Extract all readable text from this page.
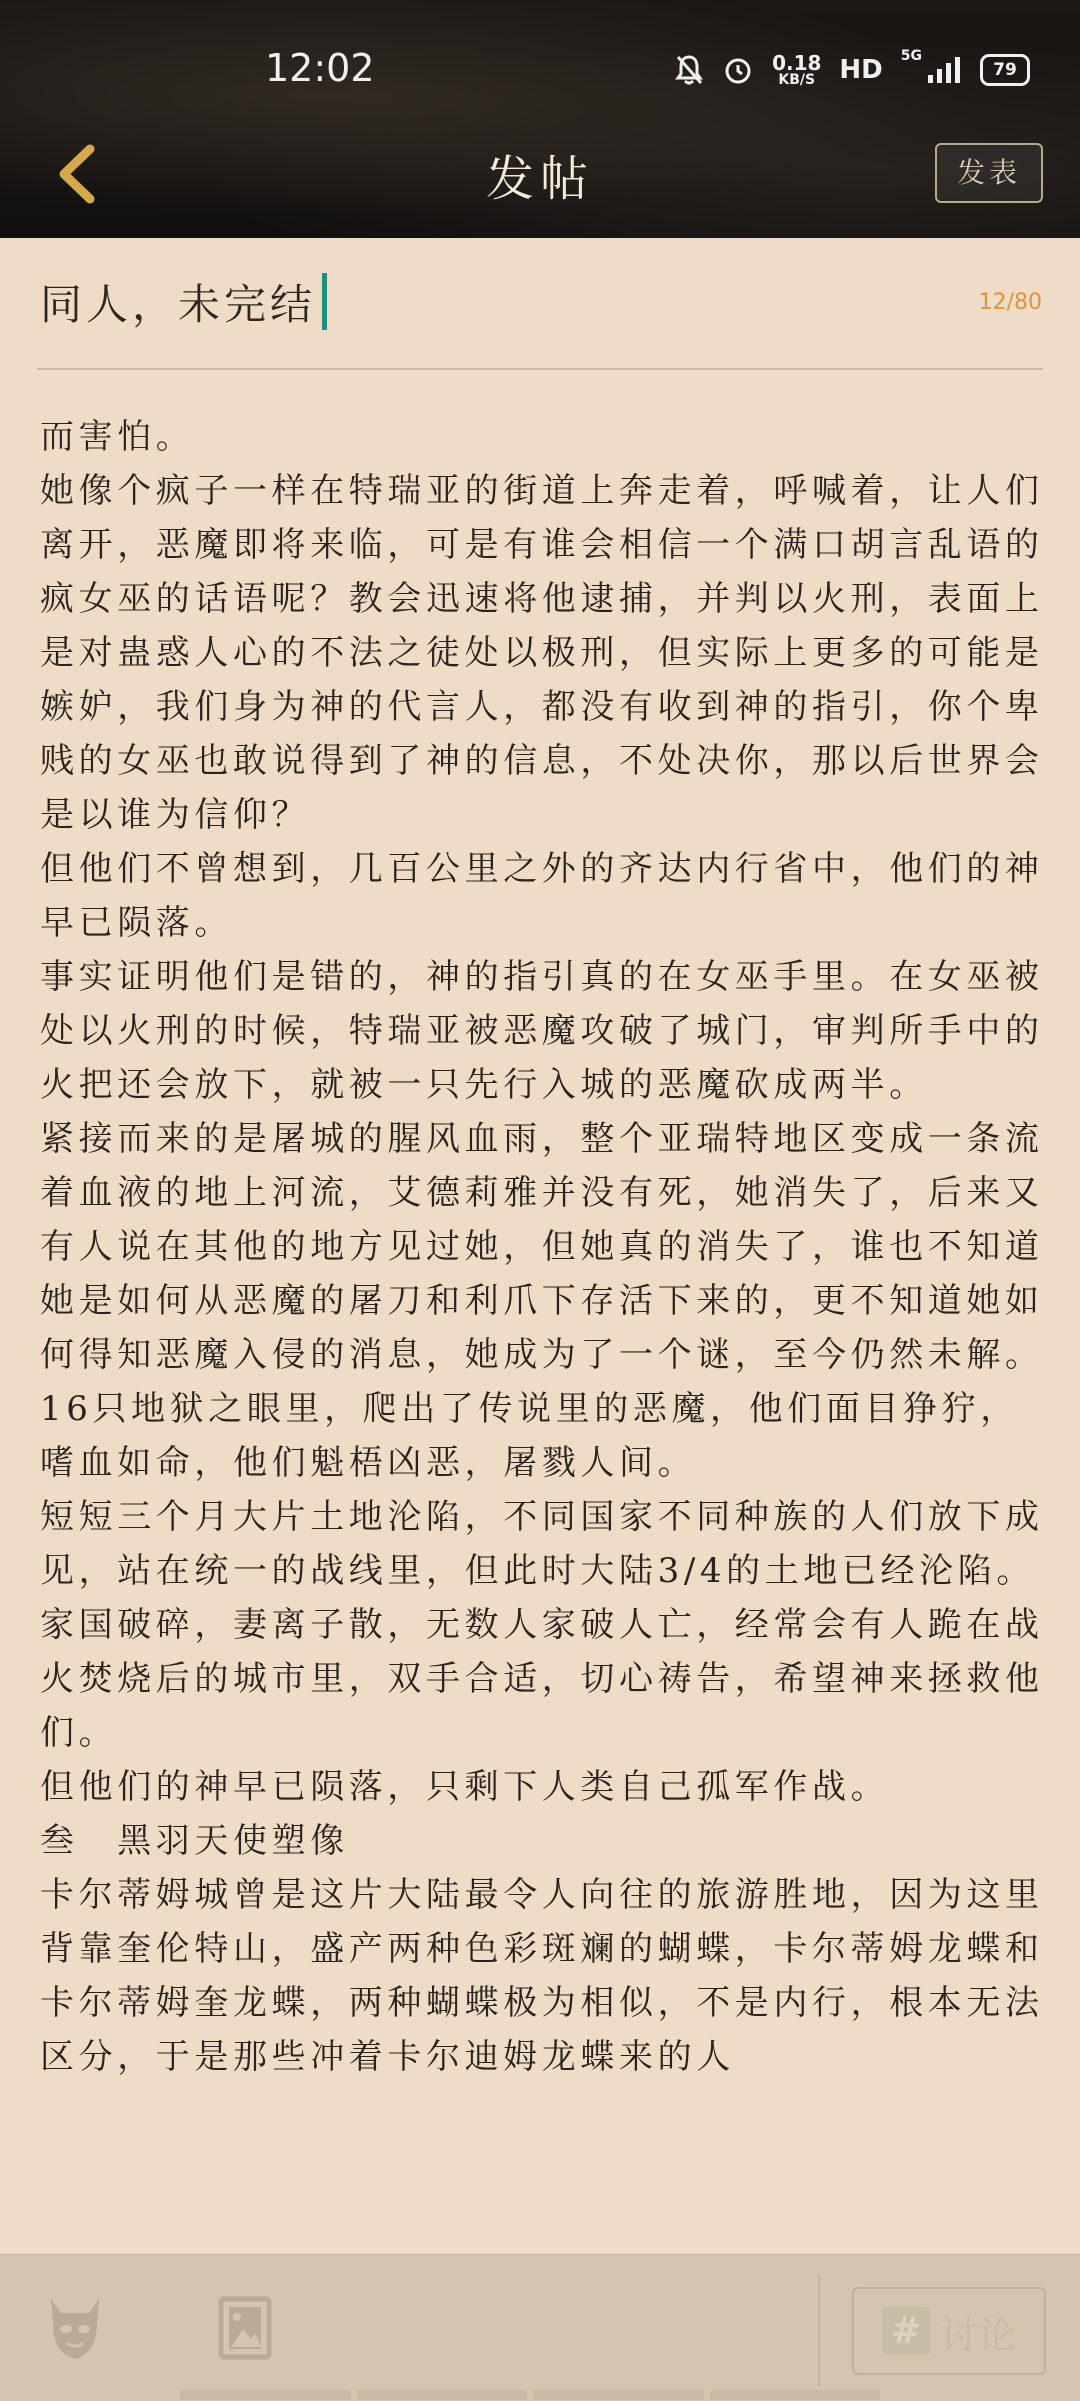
12:02	0.18
KB/S HD 5G
79
发帖	发表
同人，未完结	12/80

而害怕。

她像个疯子一样在特瑞亚的街道上奔走着，呼喊着，让人们离开，恶魔即将来临，可是有谁会相信一个满口胡言乱语的疯女巫的话语呢？教会迅速将他逮捕，并判以火刑，表面上是对蛊惑人心的不法之徒处以极刑，但实际上更多的可能是嫉妒，我们身为神的代言人，都没有收到神的指引，你个卑贱的女巫也敢说得到了神的信息，不处决你，那以后世界会是以谁为信仰？

但他们不曾想到，几百公里之外的齐达内行省中，他们的神早已陨落。

事实证明他们是错的，神的指引真的在女巫手里。在女巫被处以火刑的时候，特瑞亚被恶魔攻破了城门，审判所手中的火把还会放下，就被一只先行入城的恶魔砍成两半。

紧接而来的是屠城的腥风血雨，整个亚瑞特地区变成一条流着血液的地上河流，艾德莉雅并没有死，她消失了，后来又有人说在其他的地方见过她，但她真的消失了，谁也不知道她是如何从恶魔的屠刀和利爪下存活下来的，更不知道她如何得知恶魔入侵的消息，她成为了一个谜，至今仍然未解。

16只地狱之眼里，爬出了传说里的恶魔，他们面目狰狞，嗜血如命，他们魁梧凶恶，屠戮人间。

短短三个月大片土地沦陷，不同国家不同种族的人们放下成见，站在统一的战线里，但此时大陆3/4的土地已经沦陷。

家国破碎，妻离子散，无数人家破人亡，经常会有人跪在战火焚烧后的城市里，双手合适，切心祷告，希望神来拯救他们。

但他们的神早已陨落，只剩下人类自己孤军作战。

叁　黑羽天使塑像

卡尔蒂姆城曾是这片大陆最令人向往的旅游胜地，因为这里背靠奎伦特山，盛产两种色彩斑斓的蝴蝶，卡尔蒂姆龙蝶和卡尔蒂姆奎龙蝶，两种蝴蝶极为相似，不是内行，根本无法区分，于是那些冲着卡尔迪姆龙蝶来的人

# 讨论
